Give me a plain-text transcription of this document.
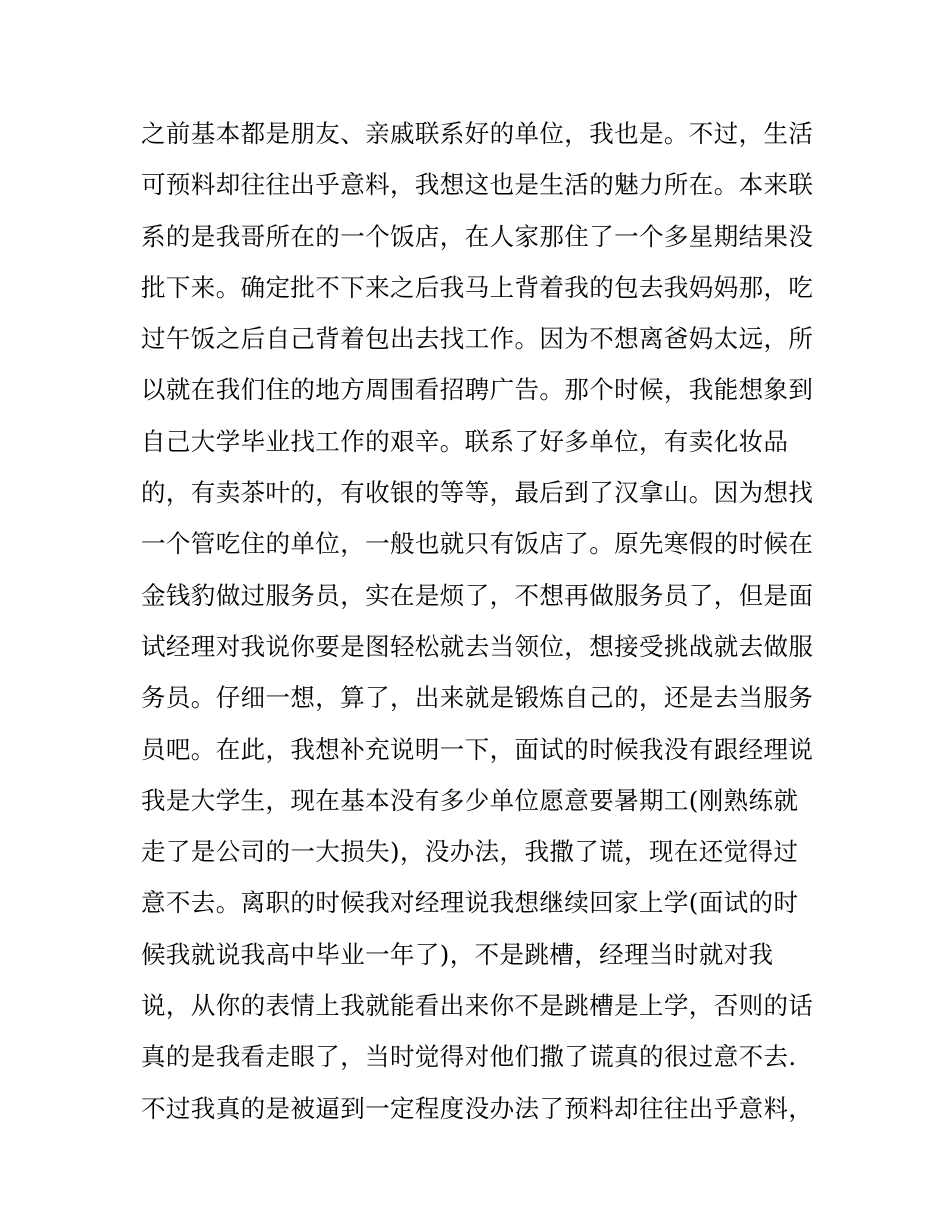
之前基本都是朋友、亲戚联系好的单位，我也是。不过，生活
可预料却往往出乎意料，我想这也是生活的魅力所在。本来联
系的是我哥所在的一个饭店，在人家那住了一个多星期结果没
批下来。确定批不下来之后我马上背着我的包去我妈妈那，吃
过午饭之后自己背着包出去找工作。因为不想离爸妈太远，所
以就在我们住的地方周围看招聘广告。那个时候，我能想象到
自己大学毕业找工作的艰辛。联系了好多单位，有卖化妆品
的，有卖茶叶的，有收银的等等，最后到了汉拿山。因为想找
一个管吃住的单位，一般也就只有饭店了。原先寒假的时候在
金钱豹做过服务员，实在是烦了，不想再做服务员了，但是面
试经理对我说你要是图轻松就去当领位，想接受挑战就去做服
务员。仔细一想，算了，出来就是锻炼自己的，还是去当服务
员吧。在此，我想补充说明一下，面试的时候我没有跟经理说
我是大学生，现在基本没有多少单位愿意要暑期工(刚熟练就
走了是公司的一大损失)，没办法，我撒了谎，现在还觉得过
意不去。离职的时候我对经理说我想继续回家上学(面试的时
候我就说我高中毕业一年了)，不是跳槽，经理当时就对我
说，从你的表情上我就能看出来你不是跳槽是上学，否则的话
真的是我看走眼了，当时觉得对他们撒了谎真的很过意不去.
不过我真的是被逼到一定程度没办法了预料却往往出乎意料，
